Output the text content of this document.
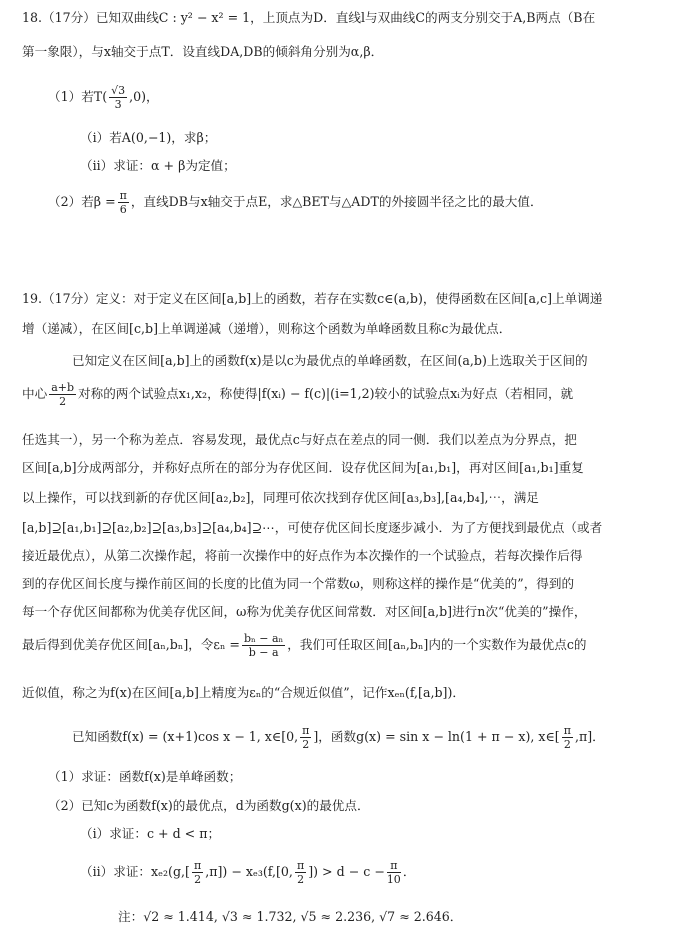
18.（17分）已知双曲线C : y² − x² = 1，上顶点为D．直线l与双曲线C的两支分别交于A,B两点（B在
第一象限），与x轴交于点T．设直线DA,DB的倾斜角分别为α,β．
（1）若$T( \frac{√3}{3} ,0)$，
（i）若A(0,−1)，求β；
（ii）求证：α + β为定值；
（2）若$\beta = \frac{\pi}{6}$ ，直线DB与x轴交于点E，求△BET与△ADT的外接圆半径之比的最大值．
19.（17分）定义：对于定义在区间[a,b]上的函数，若存在实数c∈(a,b)，使得函数在区间[a,c]上单调递
增（递减），在区间[c,b]上单调递减（递增），则称这个函数为单峰函数且称c为最优点．
已知定义在区间[a,b]上的函数f(x)是以c为最优点的单峰函数，在区间(a,b)上选取关于区间的
中心 $\frac{a+b}{2}$ 对称的两个试验点x₁,x₂，称使得|f(xᵢ) − f(c)|(i=1,2)较小的试验点xᵢ为好点（若相同，就
任选其一），另一个称为差点．容易发现，最优点c与好点在差点的同一侧．我们以差点为分界点，把
区间[a,b]分成两部分，并称好点所在的部分为存优区间．设存优区间为[a₁,b₁]，再对区间[a₁,b₁]重复
以上操作，可以找到新的存优区间[a₂,b₂]，同理可依次找到存优区间[a₃,b₃],[a₄,b₄],⋯，满足
[a,b]⊇[a₁,b₁]⊇[a₂,b₂]⊇[a₃,b₃]⊇[a₄,b₄]⊇⋯，可使存优区间长度逐步减小．为了方便找到最优点（或者
接近最优点），从第二次操作起，将前一次操作中的好点作为本次操作的一个试验点，若每次操作后得
到的存优区间长度与操作前区间的长度的比值为同一个常数ω，则称这样的操作是“优美的”，得到的
每一个存优区间都称为优美存优区间，ω称为优美存优区间常数．对区间[a,b]进行n次“优美的”操作，
最后得到优美存优区间[aₙ,bₙ]，令$\varepsilon_n = \frac{\text{bₙ − aₙ}}{b - a}$ ，我们可任取区间[aₙ,bₙ]内的一个实数作为最优点c的
近似值，称之为f(x)在区间[a,b]上精度为εₙ的“合规近似值”，记作xₑₙ(f,[a,b])．
已知函数f(x) = (x+1)cos x − 1, x∈[0, $\frac{\pi}{2}$ ]，函数g(x) = sin x − ln(1 + π − x), x∈[ $\frac{\pi}{2} ,\pi$]．
（1）求证：函数f(x)是单峰函数；
（2）已知c为函数f(x)的最优点，d为函数g(x)的最优点．
（i）求证：c + d < π；
（ii）求证：$x_{e2}(g,[ \frac{\pi}{2} ,\pi]) - x_{e3}(f,[0$, $\frac{\pi}{2}$ ]) > $d - c - \frac{\pi}{10}$ ．
注：√2 ≈ 1.414, √3 ≈ 1.732, √5 ≈ 2.236, √7 ≈ 2.646．
